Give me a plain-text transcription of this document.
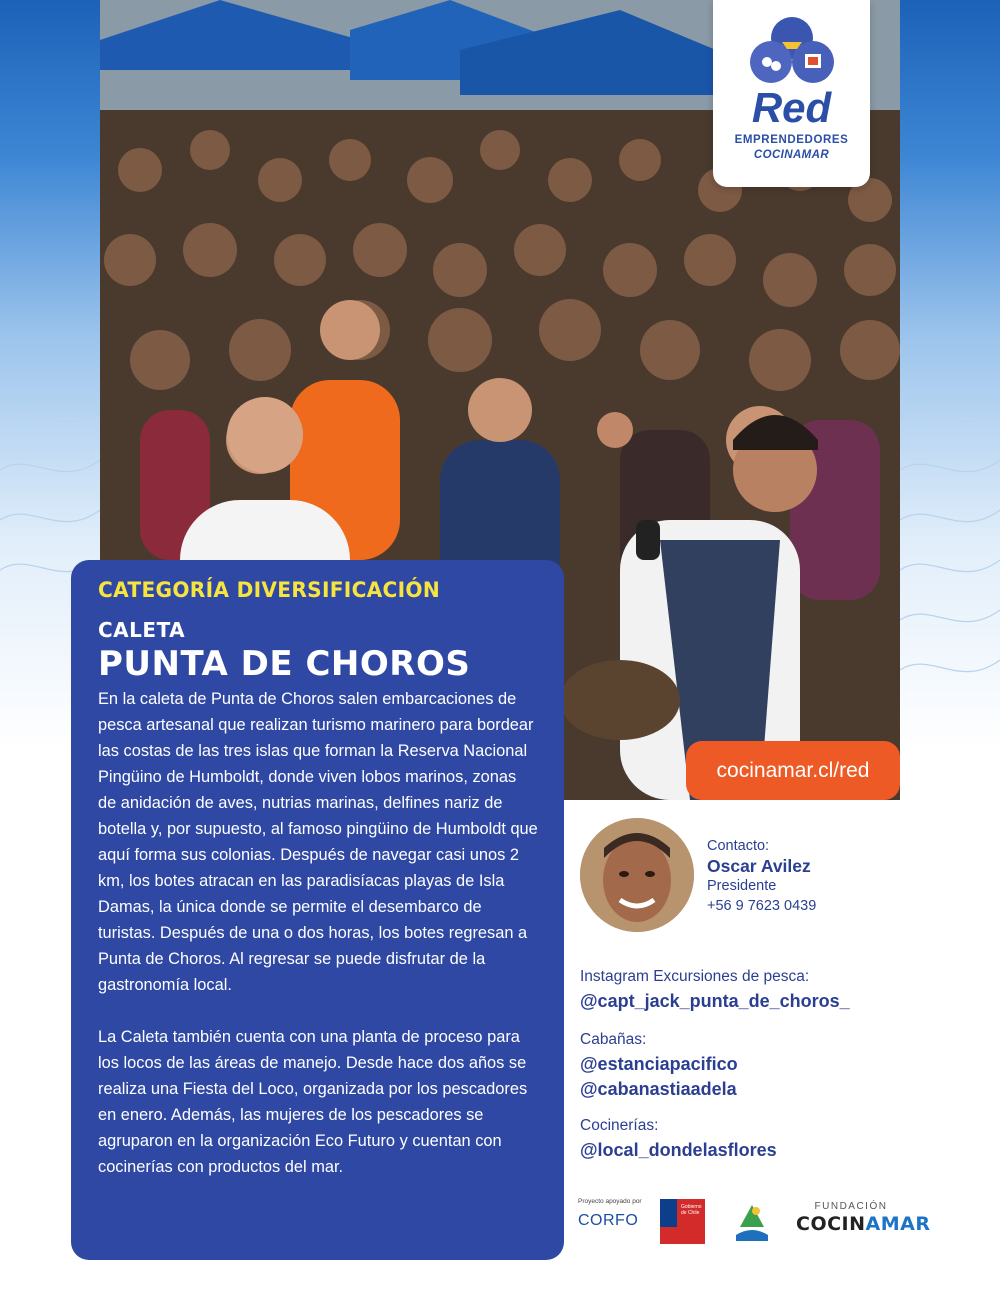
Red
EMPRENDEDORES
COCINAMAR
cocinamar.cl/red
CATEGORÍA DIVERSIFICACIÓN
CALETA
PUNTA DE CHOROS

En la caleta de Punta de Choros salen embarcaciones de pesca artesanal que realizan turismo marinero para bordear las costas de las tres islas que forman la Reserva Nacional Pingüino de Humboldt, donde viven lobos marinos, zonas de anidación de aves, nutrias marinas, delfines nariz de botella y, por supuesto, al famoso pingüino de Humboldt que aquí forma sus colonias. Después de navegar casi unos 2 km, los botes atracan en las paradisíacas playas de Isla Damas, la única donde se permite el desembarco de turistas. Después de una o dos horas, los botes regresan a Punta de Choros. Al regresar se puede disfrutar de la gastronomía local.

La Caleta también cuenta con una planta de proceso para los locos de las áreas de manejo. Desde hace dos años se realiza una Fiesta del Loco, organizada por los pescadores en enero. Además, las mujeres de los pescadores se agruparon en la organización Eco Futuro y cuentan con cocinerías con productos del mar.

Contacto:
Oscar Avilez
Presidente
+56 9 7623 0439
Instagram Excursiones de pesca:
@capt_jack_punta_de_choros_
Cabañas:
@estanciapacifico
@cabanastiaadela
Cocinerías:
@local_dondelasflores
Proyecto apoyado por
CORFO
Gobierno de Chile
FUNDACIÓN
COCINAMAR
